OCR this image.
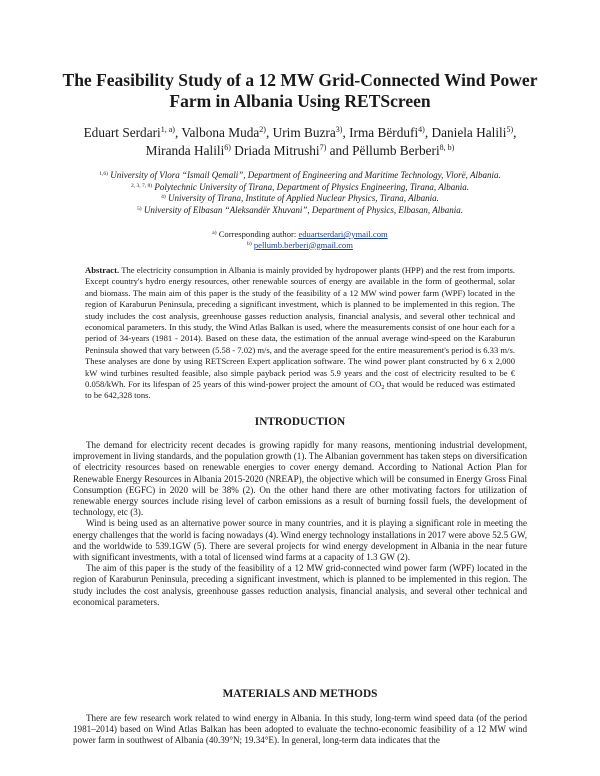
The Feasibility Study of a 12 MW Grid-Connected Wind Power Farm in Albania Using RETScreen
Eduart Serdari$^{1, a)}$, Valbona Muda$^{2)}$, Urim Buzra$^{3)}$, Irma Bërdufi$^{4)}$, Daniela Halili$^{5)}$,
Miranda Halili$^{6)}$ Driada Mitrushi$^{7)}$ and Pëllumb Berberi$^{8, b)}$
$^{1,6)}$ University of Vlora “Ismail Qemali”, Department of Engineering and Maritime Technology, Vlorë, Albania.
$^{2, 3, 7, 8)}$ Polytechnic University of Tirana, Department of Physics Engineering, Tirana, Albania.
$^{4)}$ University of Tirana, Institute of Applied Nuclear Physics, Tirana, Albania.
$^{5)}$ University of Elbasan “Aleksandër Xhuvani”, Department of Physics, Elbasan, Albania.
$^{a)}$ Corresponding author: eduartserdari@ymail.com
$^{b)}$ pellumb.berberi@gmail.com
Abstract. The electricity consumption in Albania is mainly provided by hydropower plants (HPP) and the rest from imports. Except country's hydro energy resources, other renewable sources of energy are available in the form of geothermal, solar and biomass. The main aim of this paper is the study of the feasibility of a 12 MW wind power farm (WPF) located in the region of Karaburun Peninsula, preceding a significant investment, which is planned to be implemented in this region. The study includes the cost analysis, greenhouse gasses reduction analysis, financial analysis, and several other technical and economical parameters. In this study, the Wind Atlas Balkan is used, where the measurements consist of one hour each for a period of 34-years (1981 - 2014). Based on these data, the estimation of the annual average wind-speed on the Karaburun Peninsula showed that vary between (5.58 - 7.02) m/s, and the average speed for the entire measurement's period is 6.33 m/s. These analyses are done by using RETScreen Expert application software. The wind power plant constructed by 6 x 2,000 kW wind turbines resulted feasible, also simple payback period was 5.9 years and the cost of electricity resulted to be € 0.058/kWh. For its lifespan of 25 years of this wind-power project the amount of $CO_2$ that would be reduced was estimated to be 642,328 tons.
INTRODUCTION

The demand for electricity recent decades is growing rapidly for many reasons, mentioning industrial development, improvement in living standards, and the population growth (1). The Albanian government has taken steps on diversification of electricity resources based on renewable energies to cover energy demand. According to National Action Plan for Renewable Energy Resources in Albania 2015-2020 (NREAP), the objective which will be consumed in Energy Gross Final Consumption (EGFC) in 2020 will be 38% (2). On the other hand there are other motivating factors for utilization of renewable energy sources include rising level of carbon emissions as a result of burning fossil fuels, the development of technology, etc (3).

Wind is being used as an alternative power source in many countries, and it is playing a significant role in meeting the energy challenges that the world is facing nowadays (4). Wind energy technology installations in 2017 were above 52.5 GW, and the worldwide to 539.1GW (5). There are several projects for wind energy development in Albania in the near future with significant investments, with a total of licensed wind farms at a capacity of 1.3 GW (2).

The aim of this paper is the study of the feasibility of a 12 MW grid-connected wind power farm (WPF) located in the region of Karaburun Peninsula, preceding a significant investment, which is planned to be implemented in this region. The study includes the cost analysis, greenhouse gasses reduction analysis, financial analysis, and several other technical and economical parameters.

MATERIALS AND METHODS

There are few research work related to wind energy in Albania. In this study, long-term wind speed data (of the period 1981–2014) based on Wind Atlas Balkan has been adopted to evaluate the techno-economic feasibility of a 12 MW wind power farm in southwest of Albania (40.39°N; 19.34°E). In general, long-term data indicates that the
